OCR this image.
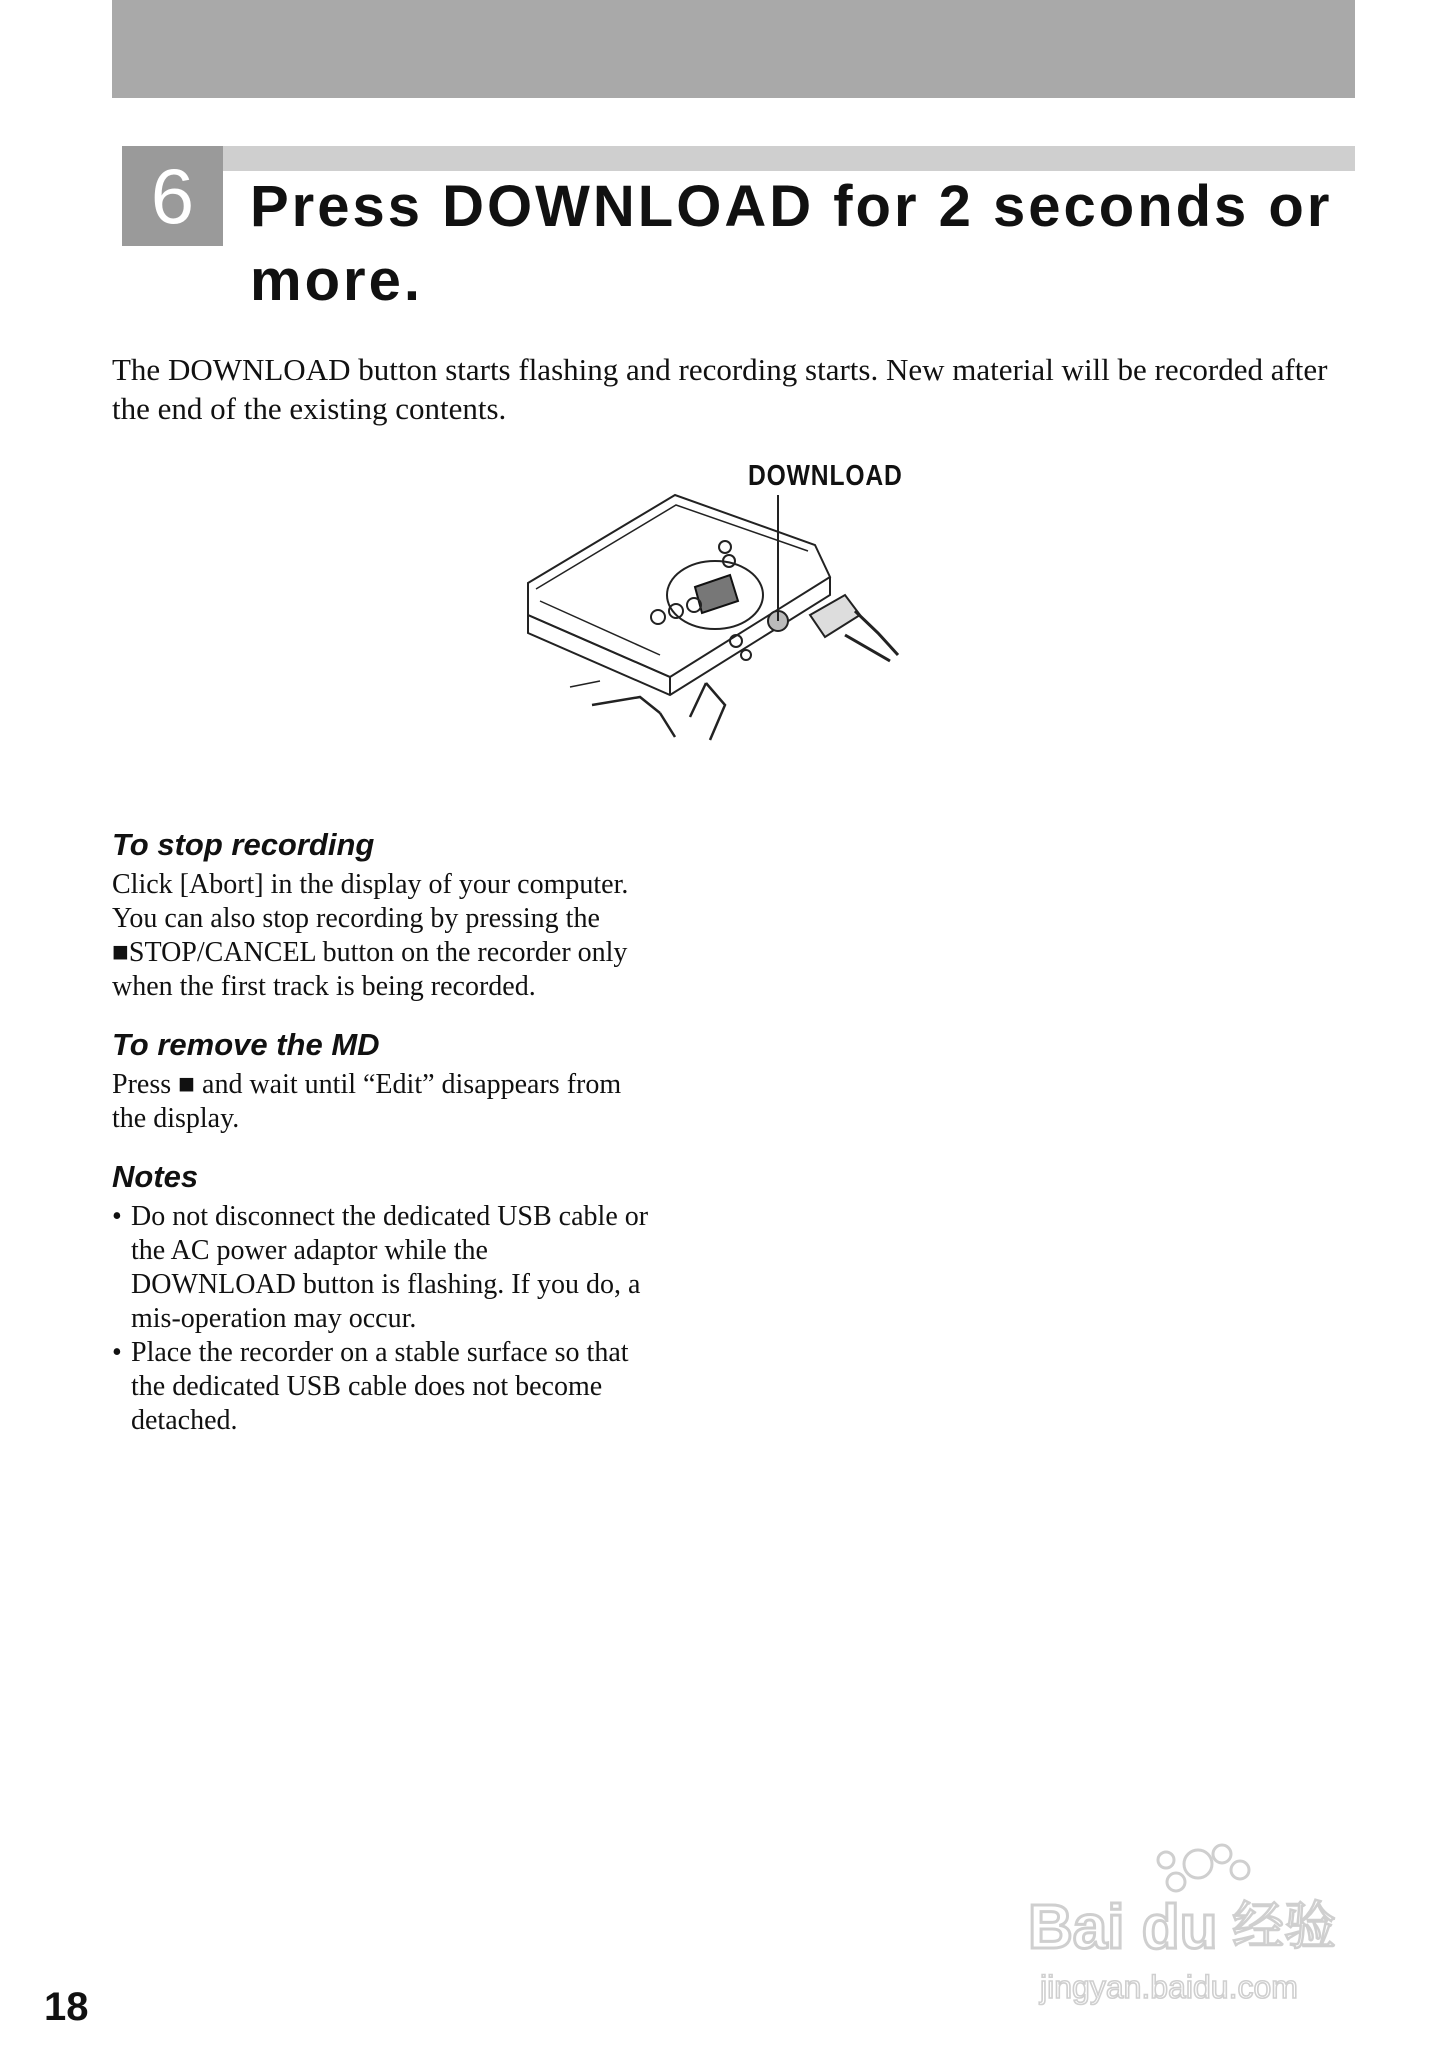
6 Press DOWNLOAD for 2 seconds or more.

The DOWNLOAD button starts flashing and recording starts. New material will be recorded after the end of the existing contents.

DOWNLOAD
To stop recording

Click [Abort] in the display of your computer.
You can also stop recording by pressing the
■STOP/CANCEL button on the recorder only
when the first track is being recorded.

To remove the MD

Press ■ and wait until “Edit” disappears from
the display.

Notes
• Do not disconnect the dedicated USB cable or
the AC power adaptor while the
DOWNLOAD button is flashing. If you do, a
mis-operation may occur.
• Place the recorder on a stable surface so that
the dedicated USB cable does not become
detached.
18
Bai du 经验
jingyan.baidu.com
